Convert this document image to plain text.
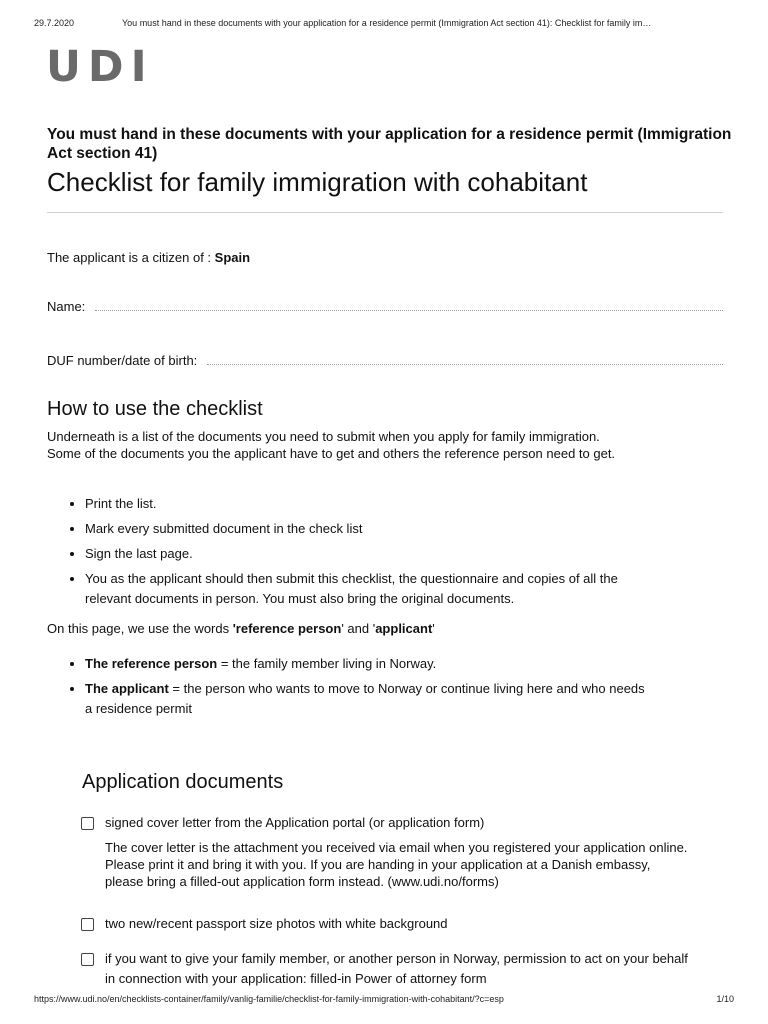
29.7.2020	You must hand in these documents with your application for a residence permit (Immigration Act section 41): Checklist for family im…
UDI
You must hand in these documents with your application for a residence permit (Immigration Act section 41)
Checklist for family immigration with cohabitant
The applicant is a citizen of : Spain
Name:
DUF number/date of birth:
How to use the checklist

Underneath is a list of the documents you need to submit when you apply for family immigration. Some of the documents you the applicant have to get and others the reference person need to get.

• Print the list.
• Mark every submitted document in the check list
• Sign the last page.
• You as the applicant should then submit this checklist, the questionnaire and copies of all the relevant documents in person. You must also bring the original documents.

On this page, we use the words 'reference person' and 'applicant'

• The reference person = the family member living in Norway.
• The applicant = the person who wants to move to Norway or continue living here and who needs a residence permit
Application documents
signed cover letter from the Application portal (or application form)
The cover letter is the attachment you received via email when you registered your application online. Please print it and bring it with you. If you are handing in your application at a Danish embassy, please bring a filled-out application form instead. (www.udi.no/forms)
two new/recent passport size photos with white background
if you want to give your family member, or another person in Norway, permission to act on your behalf in connection with your application: filled-in Power of attorney form
https://www.udi.no/en/checklists-container/family/vanlig-familie/checklist-for-family-immigration-with-cohabitant/?c=esp	1/10
